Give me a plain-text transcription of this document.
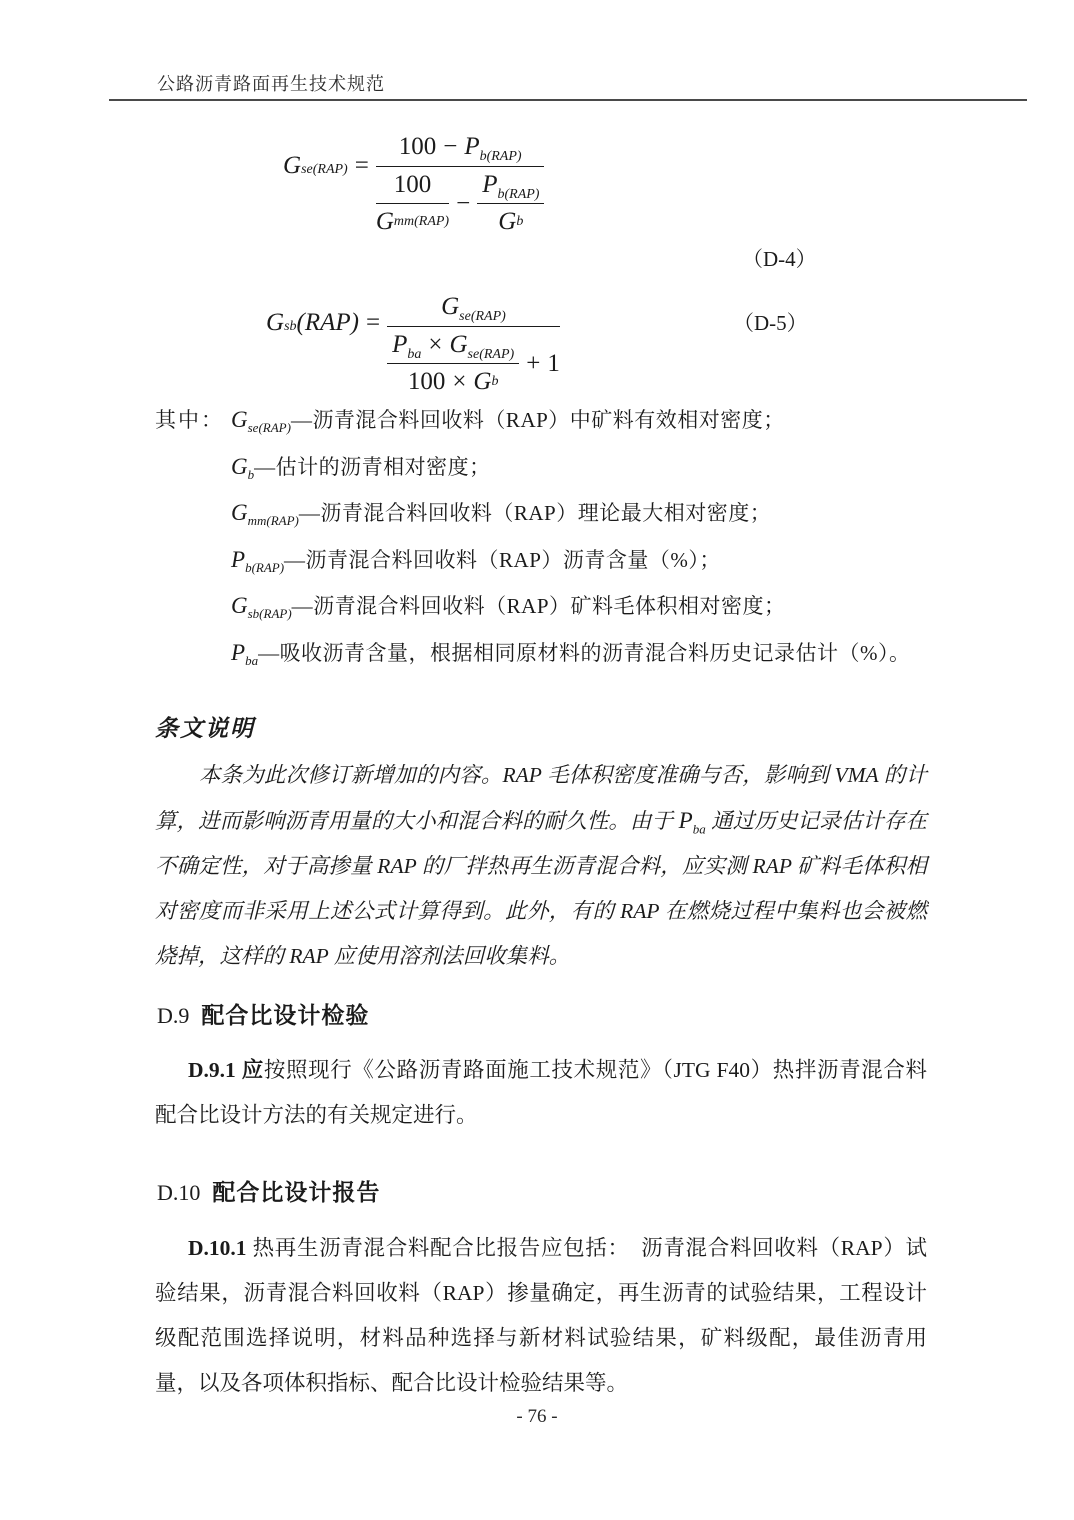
公路沥青路面再生技术规范
G se(RAP) =
$100 - P_{b(RAP)}$
$\frac{100}{\text{G mm(RAP)}} - \frac{P_{b(RAP)}}{\text{G b}}$
（D-4）
G sb $(RAP) = \frac{G_{se(RAP)}}{\frac{P_{ba} \times G_{se(RAP)}}{\text{100 × G b}} + 1}$	（D-5）
其中： $G_{se(RAP)}—$沥青混合料回收料（RAP）中矿料有效相对密度；
$G_b—$估计的沥青相对密度；
$G_{mm(RAP)}—$沥青混合料回收料（RAP）理论最大相对密度；
$P_{b(RAP)}—$沥青混合料回收料（RAP）沥青含量（%）；
$G_{sb(RAP)}—$沥青混合料回收料（RAP）矿料毛体积相对密度；
$P_{ba}—$吸收沥青含量，根据相同原材料的沥青混合料历史记录估计（%）。
条文说明

本条为此次修订新增加的内容。RAP 毛体积密度准确与否，影响到 VMA 的计算，进而影响沥青用量的大小和混合料的耐久性。由于 $P_{ba}$ 通过历史记录估计存在不确定性，对于高掺量 RAP 的厂拌热再生沥青混合料，应实测 RAP 矿料毛体积相对密度而非采用上述公式计算得到。此外，有的 RAP 在燃烧过程中集料也会被燃烧掉，这样的 RAP 应使用溶剂法回收集料。

D.9 配合比设计检验

D.9.1 应按照现行《公路沥青路面施工技术规范》（JTG F40）热拌沥青混合料配合比设计方法的有关规定进行。

D.10 配合比设计报告

D.10.1 热再生沥青混合料配合比报告应包括：　沥青混合料回收料（RAP）试验结果，沥青混合料回收料（RAP）掺量确定，再生沥青的试验结果，工程设计级配范围选择说明，材料品种选择与新材料试验结果，矿料级配，最佳沥青用量，以及各项体积指标、配合比设计检验结果等。

- 76 -
